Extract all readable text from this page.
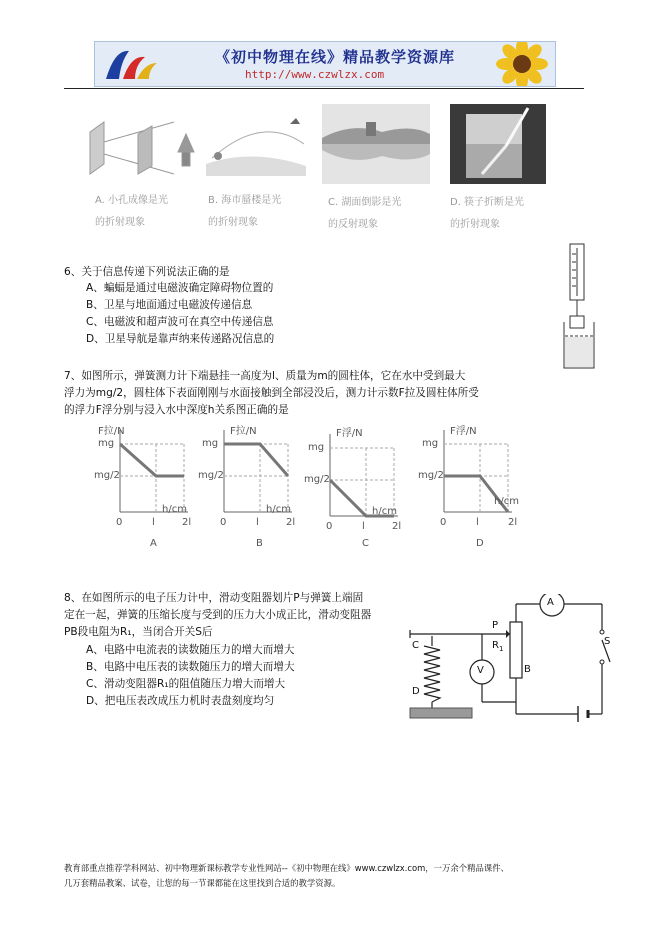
《初中物理在线》精品教学资源库
http://www.czwlzx.com
A. 小孔成像是光
的折射现象
B. 海市蜃楼是光
的折射现象
C. 湖面倒影是光
的反射现象
D. 筷子折断是光
的折射现象
6、关于信息传递下列说法正确的是
A、蝙蝠是通过电磁波确定障碍物位置的
B、卫星与地面通过电磁波传递信息
C、电磁波和超声波可在真空中传递信息
D、卫星导航是靠声纳来传递路况信息的
7、如图所示，弹簧测力计下端悬挂一高度为l、质量为m的圆柱体，它在水中受到最大
浮力为mg/2，圆柱体下表面刚刚与水面接触到全部浸没后，测力计示数F拉及圆柱体所受
的浮力F浮分别与浸入水中深度h关系图正确的是
F拉/N
mg
mg/2
h/cm
0	l	2l
A
F拉/N
mg
mg/2
h/cm
0	l	2l
B
F浮/N
mg
mg/2
h/cm
0	l	2l
C
F浮/N
mg
mg/2
h/cm
0	l	2l
D
8、在如图所示的电子压力计中，滑动变阻器划片P与弹簧上端固
定在一起，弹簧的压缩长度与受到的压力大小成正比，滑动变阻器
PB段电阻为R₁，当闭合开关S后
A、电路中电流表的读数随压力的增大而增大
B、电路中电压表的读数随压力的增大而增大
C、滑动变阻器R₁的阻值随压力增大而增大
D、把电压表改成压力机时表盘刻度均匀
A
V
P
$R_1$
B
C
D
S
教育部重点推荐学科网站、初中物理新课标教学专业性网站--《初中物理在线》www.czwlzx.com，一万余个精品课件、
几万套精品教案、试卷，让您的每一节课都能在这里找到合适的教学资源。
